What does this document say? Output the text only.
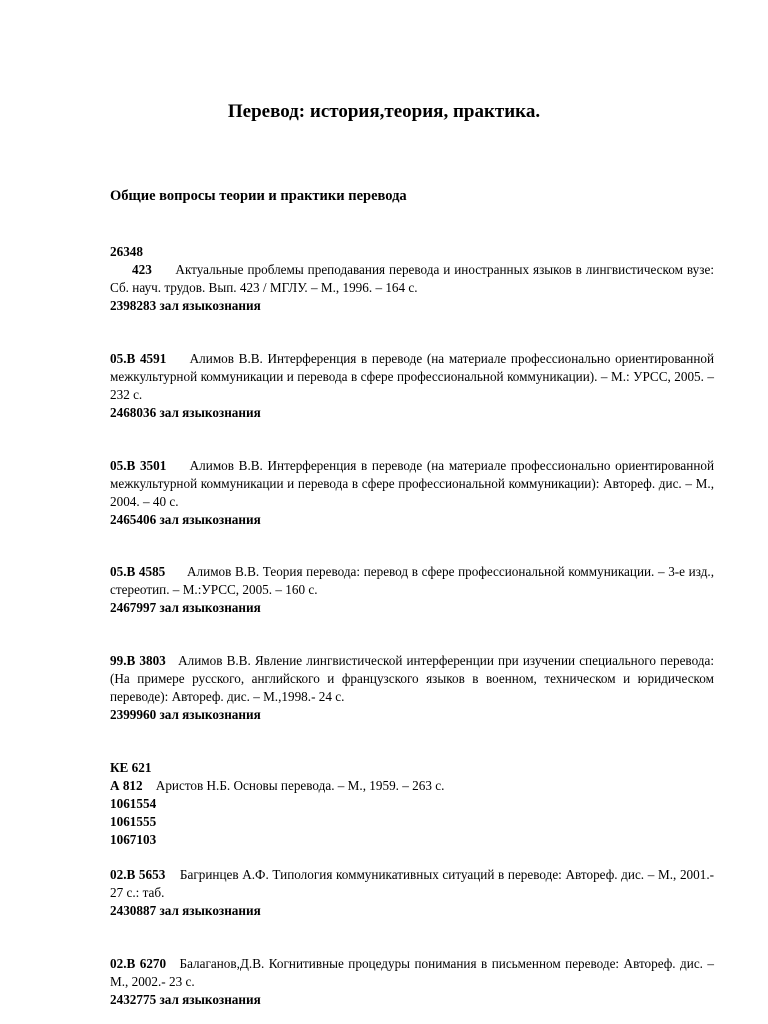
Перевод: история,теория, практика.
Общие вопросы теории и практики перевода
26348

423 Актуальные проблемы преподавания перевода и иностранных языков в лингвистическом вузе: Сб. науч. трудов. Вып. 423 / МГЛУ. – М., 1996. – 164 с.

2398283 зал языкознания

05.В 4591 Алимов В.В. Интерференция в переводе (на материале профессионально ориентированной межкультурной коммуникации и перевода в сфере профессиональной коммуникации). – М.: УРСС, 2005. – 232 с.

2468036 зал языкознания

05.В 3501 Алимов В.В. Интерференция в переводе (на материале профессионально ориентированной межкультурной коммуникации и перевода в сфере профессиональной коммуникации): Автореф. дис. – М., 2004. – 40 с.

2465406 зал языкознания

05.В 4585 Алимов В.В. Теория перевода: перевод в сфере профессиональной коммуникации. – 3-е изд., стереотип. – М.:УРСС, 2005. – 160 с.

2467997 зал языкознания

99.В 3803 Алимов В.В. Явление лингвистической интерференции при изучении специального перевода: (На примере русского, английского и французского языков в военном, техническом и юридическом переводе): Автореф. дис. – М.,1998.- 24 с.

2399960 зал языкознания
КЕ 621
А 812 Аристов Н.Б. Основы перевода. – М., 1959. – 263 с.
1061554
1061555
1067103

02.В 5653 Багринцев А.Ф. Типология коммуникативных ситуаций в переводе: Автореф. дис. – М., 2001.- 27 с.: таб.

2430887 зал языкознания

02.В 6270 Балаганов,Д.В. Когнитивные процедуры понимания в письменном переводе: Автореф. дис. – М., 2002.- 23 с.

2432775 зал языкознания
